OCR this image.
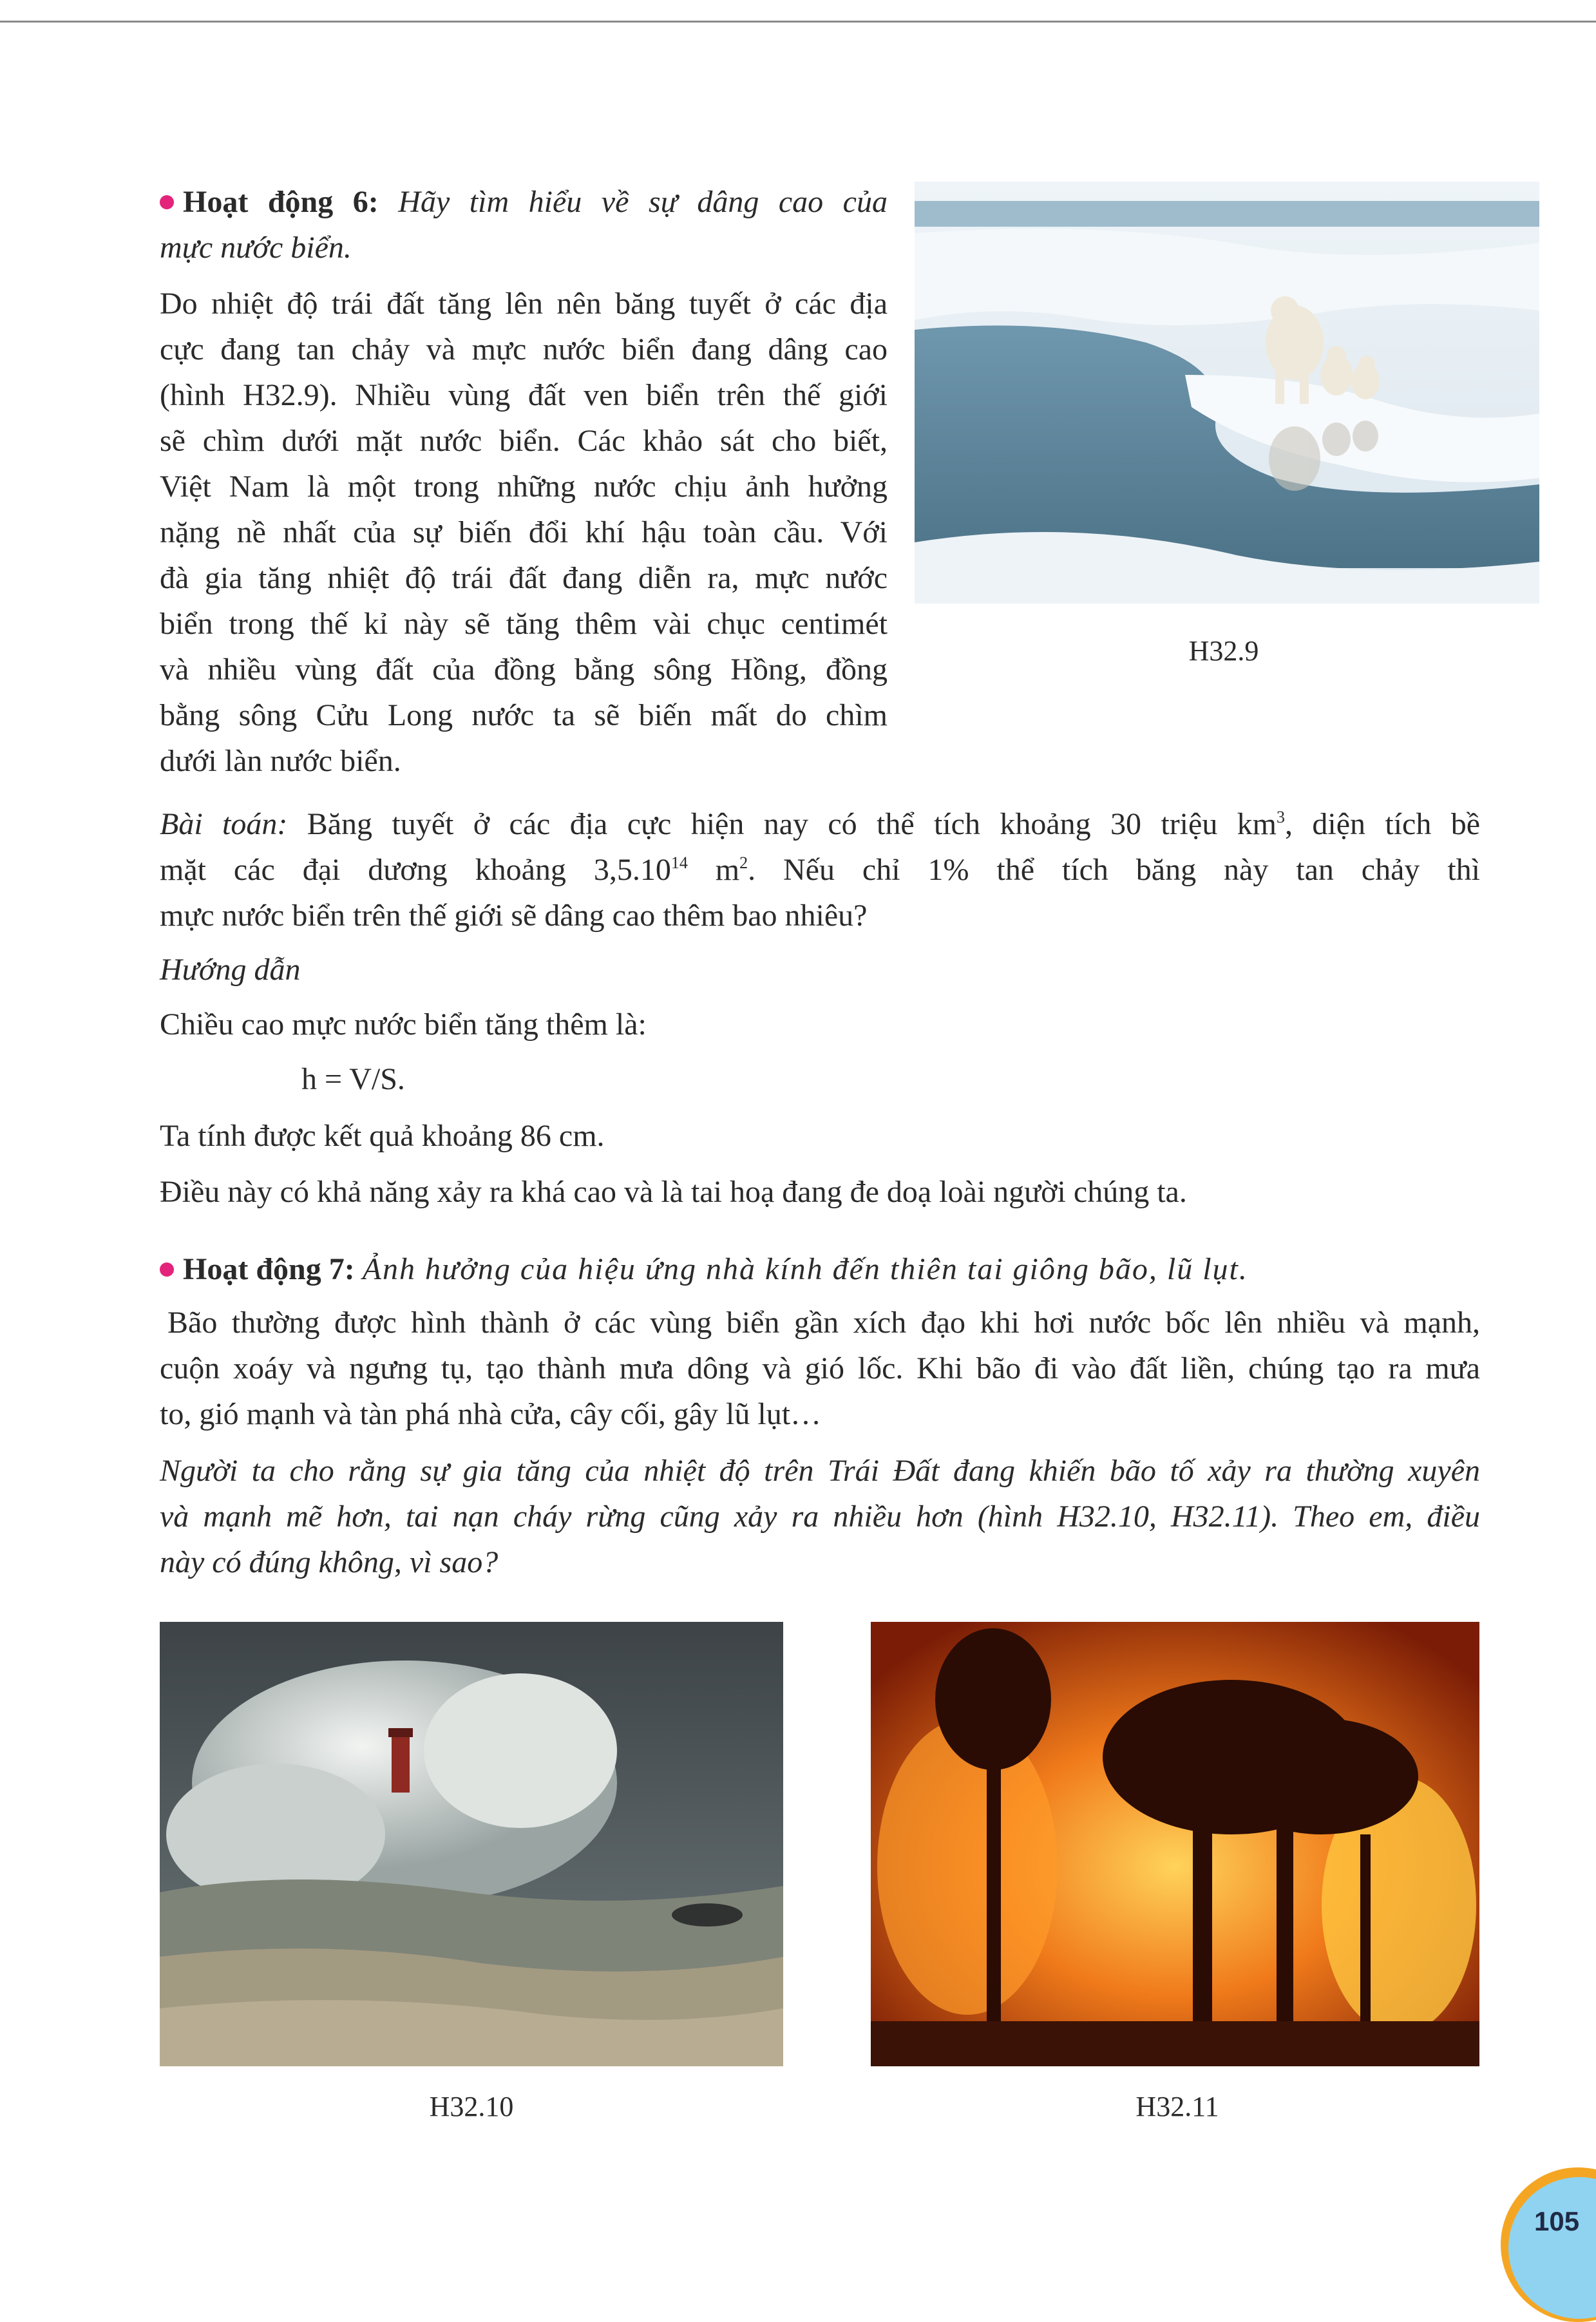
Hoạt động 6: Hãy tìm hiểu về sự dâng cao của

mực nước biển.

Do nhiệt độ trái đất tăng lên nên băng tuyết ở các địa

cực đang tan chảy và mực nước biển đang dâng cao

(hình H32.9). Nhiều vùng đất ven biển trên thế giới

sẽ chìm dưới mặt nước biển. Các khảo sát cho biết,

Việt Nam là một trong những nước chịu ảnh hưởng

nặng nề nhất của sự biến đổi khí hậu toàn cầu. Với

đà gia tăng nhiệt độ trái đất đang diễn ra, mực nước

biển trong thế kỉ này sẽ tăng thêm vài chục centimét

và nhiều vùng đất của đồng bằng sông Hồng, đồng

bằng sông Cửu Long nước ta sẽ biến mất do chìm

dưới làn nước biển.

H32.9

Bài toán: Băng tuyết ở các địa cực hiện nay có thể tích khoảng 30 triệu $km^3$, diện tích bề

mặt các đại dương khoảng 3,5.10$^{14}$ $m^2$. Nếu chỉ 1% thể tích băng này tan chảy thì

mực nước biển trên thế giới sẽ dâng cao thêm bao nhiêu?

Hướng dẫn

Chiều cao mực nước biển tăng thêm là:

h = V/S.

Ta tính được kết quả khoảng 86 cm.

Điều này có khả năng xảy ra khá cao và là tai hoạ đang đe doạ loài người chúng ta.

Hoạt động 7: Ảnh hưởng của hiệu ứng nhà kính đến thiên tai giông bão, lũ lụt.

Bão thường được hình thành ở các vùng biển gần xích đạo khi hơi nước bốc lên nhiều và mạnh,

cuộn xoáy và ngưng tụ, tạo thành mưa dông và gió lốc. Khi bão đi vào đất liền, chúng tạo ra mưa

to, gió mạnh và tàn phá nhà cửa, cây cối, gây lũ lụt…

Người ta cho rằng sự gia tăng của nhiệt độ trên Trái Đất đang khiến bão tố xảy ra thường xuyên

và mạnh mẽ hơn, tai nạn cháy rừng cũng xảy ra nhiều hơn (hình H32.10, H32.11). Theo em, điều

này có đúng không, vì sao?

H32.10	H32.11
105
